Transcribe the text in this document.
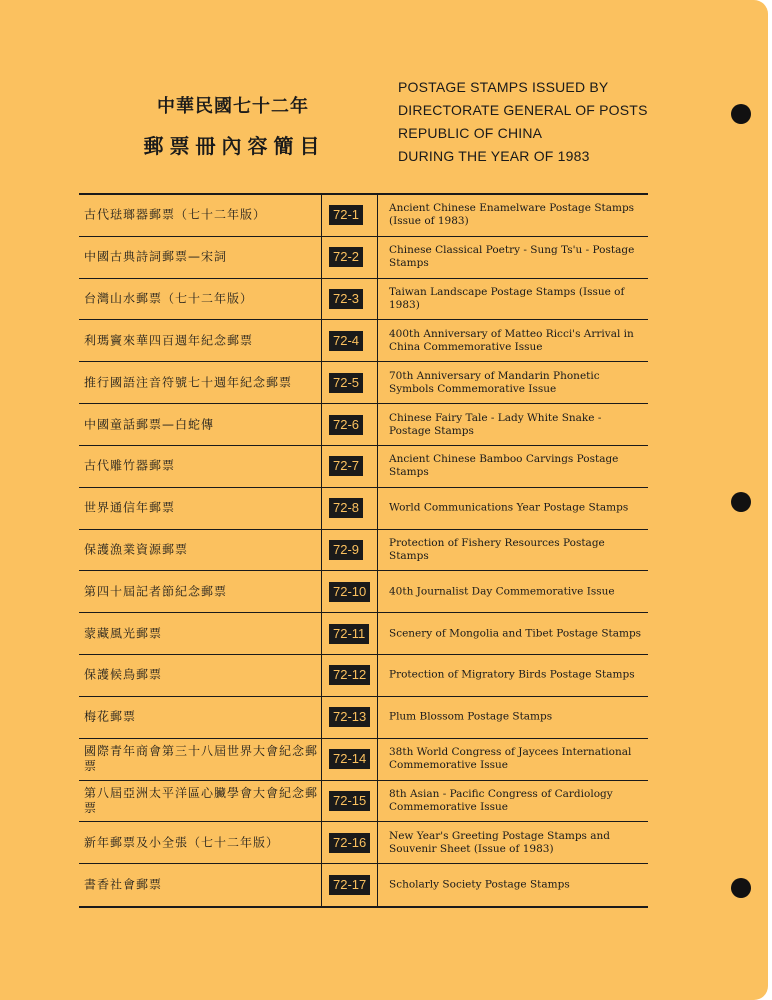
中華民國七十二年
郵票冊內容簡目
POSTAGE STAMPS ISSUED BY
DIRECTORATE GENERAL OF POSTS
REPUBLIC OF CHINA
DURING THE YEAR OF 1983
古代琺瑯器郵票（七十二年版）	72-1	Ancient Chinese Enamelware Postage Stamps (Issue of 1983)
中國古典詩詞郵票—宋詞	72-2	Chinese Classical Poetry - Sung Ts'u - Postage Stamps
台灣山水郵票（七十二年版）	72-3	Taiwan Landscape Postage Stamps (Issue of 1983)
利瑪竇來華四百週年紀念郵票	72-4	400th Anniversary of Matteo Ricci's Arrival in China Commemorative Issue
推行國語注音符號七十週年紀念郵票	72-5	70th Anniversary of Mandarin Phonetic Symbols Commemorative Issue
中國童話郵票—白蛇傳	72-6	Chinese Fairy Tale - Lady White Snake - Postage Stamps
古代雕竹器郵票	72-7	Ancient Chinese Bamboo Carvings Postage Stamps
世界通信年郵票	72-8	World Communications Year Postage Stamps
保護漁業資源郵票	72-9	Protection of Fishery Resources Postage Stamps
第四十屆記者節紀念郵票	72-10	40th Journalist Day Commemorative Issue
蒙藏風光郵票	72-11	Scenery of Mongolia and Tibet Postage Stamps
保護候鳥郵票	72-12	Protection of Migratory Birds Postage Stamps
梅花郵票	72-13	Plum Blossom Postage Stamps
國際青年商會第三十八屆世界大會紀念郵票	72-14	38th World Congress of Jaycees International Commemorative Issue
第八屆亞洲太平洋區心臟學會大會紀念郵票	72-15	8th Asian - Pacific Congress of Cardiology Commemorative Issue
新年郵票及小全張（七十二年版）	72-16	New Year's Greeting Postage Stamps and Souvenir Sheet (Issue of 1983)
書香社會郵票	72-17	Scholarly Society Postage Stamps
